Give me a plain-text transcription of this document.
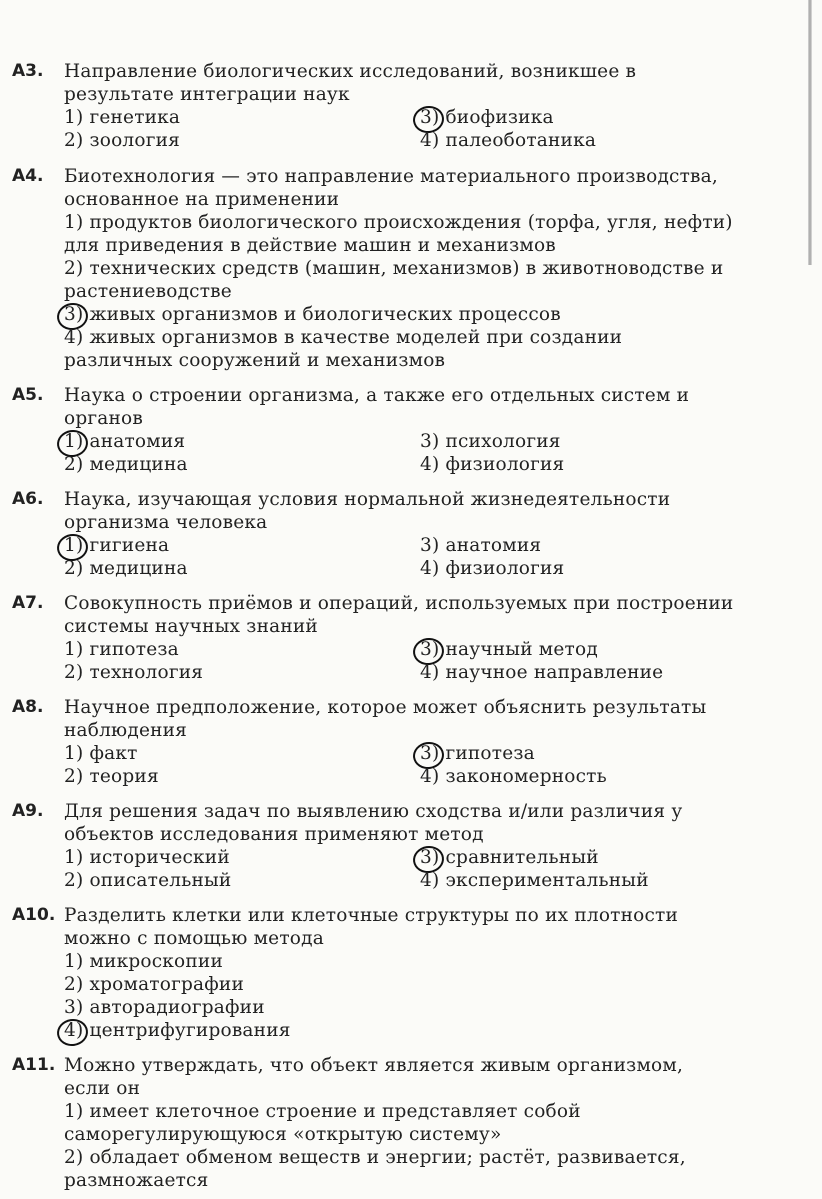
А3. Направление биологических исследований, возникшее в результате интеграции наук

1) генетика	3) биофизика
2) зоология	4) палеоботаника
А4. Биотехнология — это направление материального производства, основанное на применении

1) продуктов биологического происхождения (торфа, угля, нефти) для приведения в действие машин и механизмов
2) технических средств (машин, механизмов) в животноводстве и растениеводстве
3) живых организмов и биологических процессов
4) живых организмов в качестве моделей при создании различных сооружений и механизмов
А5. Наука о строении организма, а также его отдельных систем и органов

1) анатомия	3) психология
2) медицина	4) физиология
А6. Наука, изучающая условия нормальной жизнедеятельности организма человека

1) гигиена	3) анатомия
2) медицина	4) физиология
А7. Совокупность приёмов и операций, используемых при построении системы научных знаний

1) гипотеза	3) научный метод
2) технология	4) научное направление
А8. Научное предположение, которое может объяснить результаты наблюдения

1) факт	3) гипотеза
2) теория	4) закономерность
А9. Для решения задач по выявлению сходства и/или различия у объектов исследования применяют метод

1) исторический	3) сравнительный
2) описательный	4) экспериментальный
А10. Разделить клетки или клеточные структуры по их плотности можно с помощью метода

1) микроскопии
2) хроматографии
3) авторадиографии
4) центрифугирования
А11. Можно утверждать, что объект является живым организмом, если он

1) имеет клеточное строение и представляет собой саморегулирующуюся «открытую систему»
2) обладает обменом веществ и энергии; растёт, развивается, размножается
